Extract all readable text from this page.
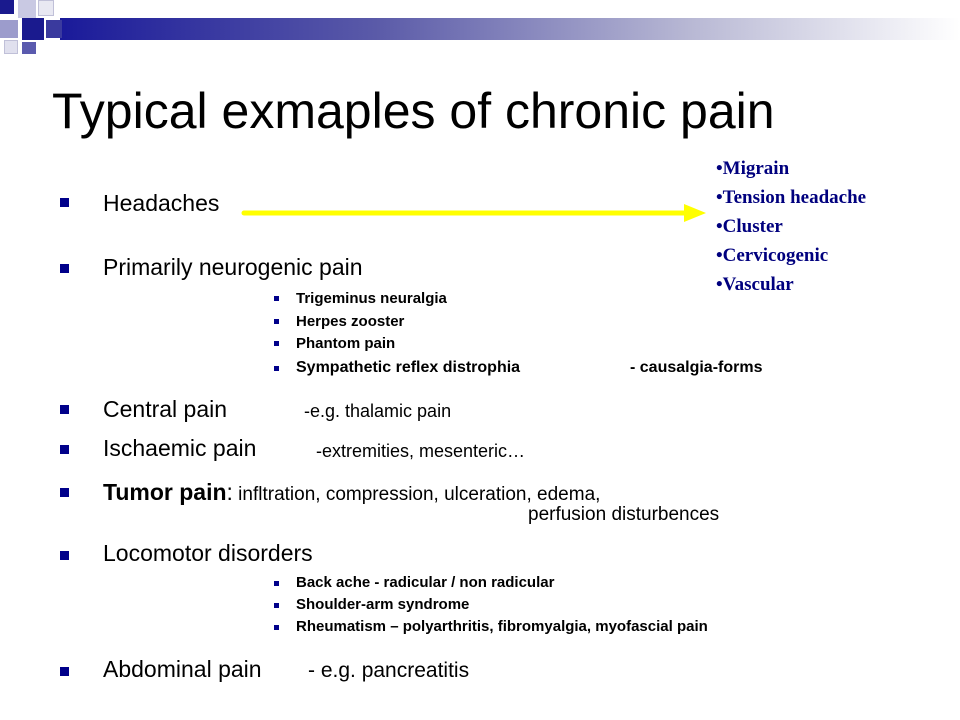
Typical exmaples of chronic pain
Headaches
•Migrain
•Tension headache
•Cluster
•Cervicogenic
•Vascular
Primarily neurogenic pain
Trigeminus neuralgia
Herpes zooster
Phantom pain
Sympathetic reflex distrophia	- causalgia-forms
Central pain	-e.g. thalamic pain
Ischaemic pain	-extremities, mesenteric…
Tumor pain: infltration, compression, ulceration, edema,
perfusion disturbences
Locomotor disorders
Back ache - radicular / non radicular
Shoulder-arm syndrome
Rheumatism – polyarthritis, fibromyalgia, myofascial pain
Abdominal pain - e.g. pancreatitis
